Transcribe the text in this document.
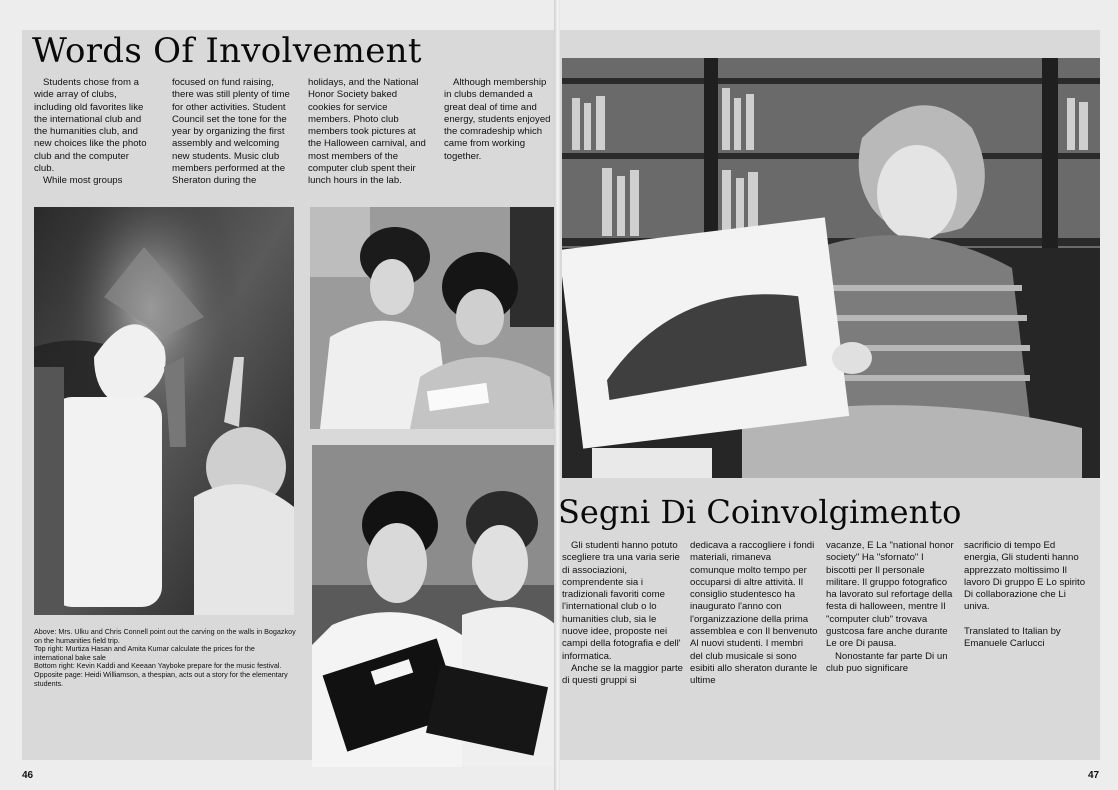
Words Of Involvement

Students chose from a wide array of clubs, including old favorites like the international club and the humanities club, and new choices like the photo club and the computer club.

While most groups

focused on fund raising, there was still plenty of time for other activities. Student Council set the tone for the year by organizing the first assembly and welcoming new students. Music club members performed at the Sheraton during the

holidays, and the National Honor Society baked cookies for service members. Photo club members took pictures at the Halloween carnival, and most members of the computer club spent their lunch hours in the lab.

Although membership in clubs demanded a great deal of time and energy, students enjoyed the comradeship which came from working together.

Above: Mrs. Ulku and Chris Connell point out the carving on the walls in Bogazkoy on the humanities field trip.
Top right: Murtiza Hasan and Amita Kumar calculate the prices for the international bake sale
Bottom right: Kevin Kaddi and Keeaan Yayboke prepare for the music festival.
Opposite page: Heidi Williamson, a thespian, acts out a story for the elementary students.
46
Segni Di Coinvolgimento

Gli studenti hanno potuto scegliere tra una varia serie di associazioni, comprendente sia i tradizionali favoriti come l'international club o lo humanities club, sia le nuove idee, proposte nei campi della fotografia e dell' informatica.

Anche se la maggior parte di questi gruppi si

dedicava a raccogliere i fondi materiali, rimaneva comunque molto tempo per occuparsi di altre attività. Il consiglio studentesco ha inaugurato l'anno con l'organizzazione della prima assemblea e con Il benvenuto Al nuovi studenti. I membri del club musicale si sono esibiti allo sheraton durante le ultime

vacanze, E La "national honor society" Ha "sfornato" I biscotti per Il personale militare. Il gruppo fotografico ha lavorato sul refortage della festa di halloween, mentre Il "computer club" trovava gustcosa fare anche durante Le ore Di pausa.

Nonostante far parte Di un club puo significare

sacrificio di tempo Ed energia, Gli studenti hanno apprezzato moltissimo Il lavoro Di gruppo E Lo spirito Di collaborazione che Li univa.

Translated to Italian by Emanuele Carlucci

47
